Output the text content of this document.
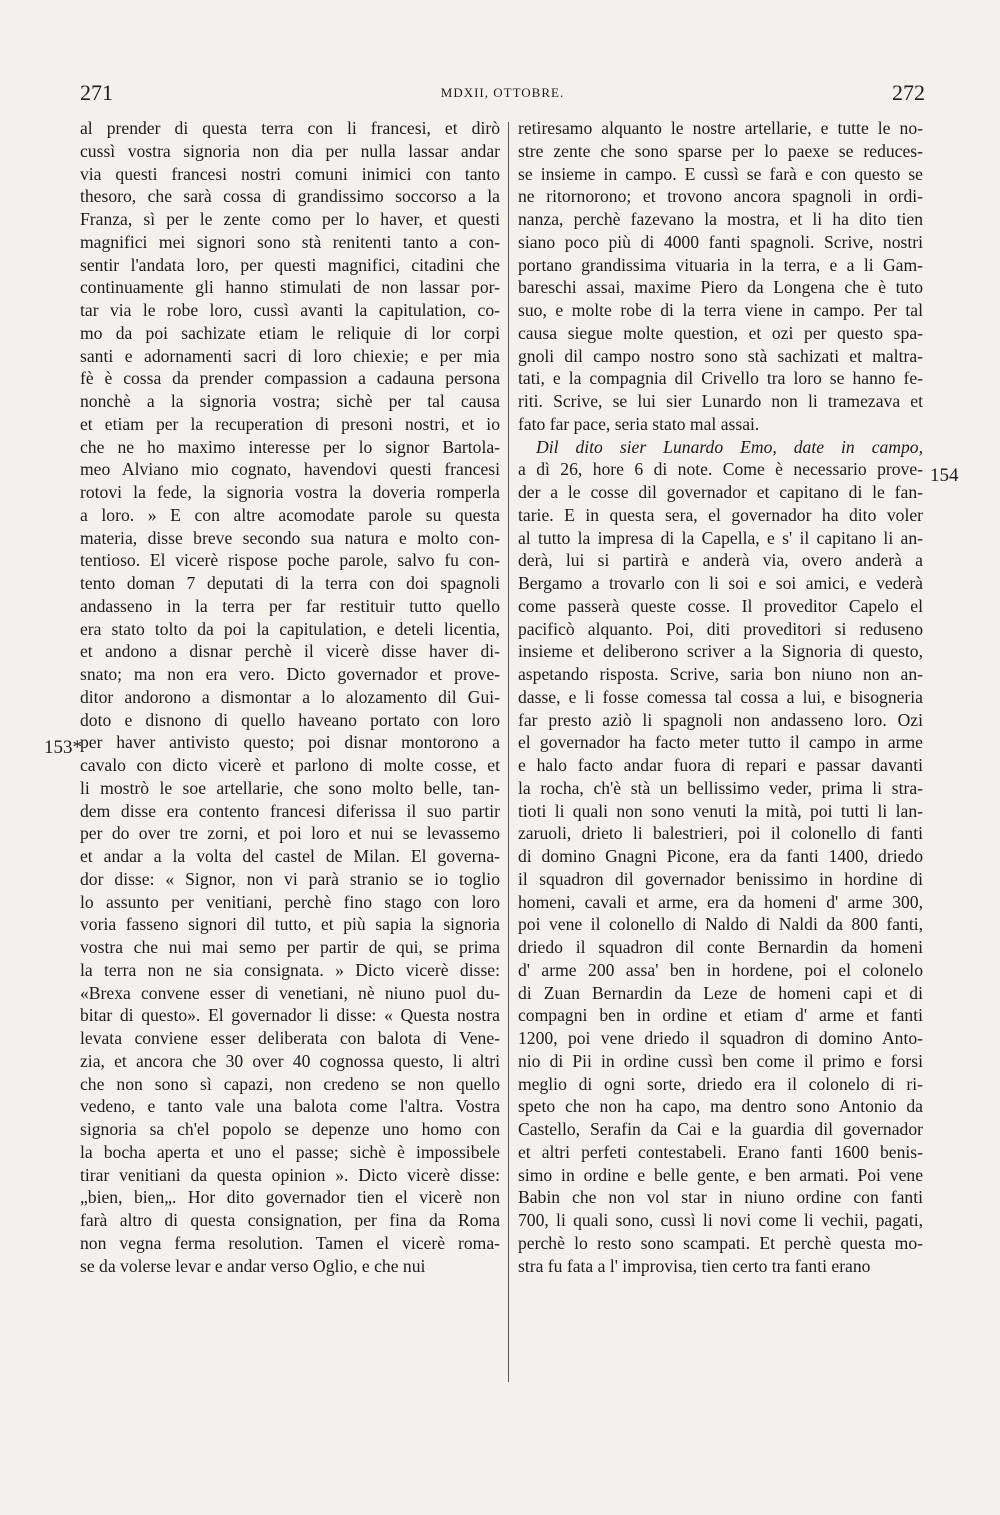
271	MDXII, OTTOBRE.	272
153*
154
al prender di questa terra con li francesi, et dirò
cussì vostra signoria non dia per nulla lassar andar
via questi francesi nostri comuni inimici con tanto
thesoro, che sarà cossa di grandissimo soccorso a la
Franza, sì per le zente como per lo haver, et questi
magnifici mei signori sono stà renitenti tanto a con-
sentir l'andata loro, per questi magnifici, citadini che
continuamente gli hanno stimulati de non lassar por-
tar via le robe loro, cussì avanti la capitulation, co-
mo da poi sachizate etiam le reliquie di lor corpi
santi e adornamenti sacri di loro chiexie; e per mia
fè è cossa da prender compassion a cadauna persona
nonchè a la signoria vostra; sichè per tal causa
et etiam per la recuperation di presoni nostri, et io
che ne ho maximo interesse per lo signor Bartola-
meo Alviano mio cognato, havendovi questi francesi
rotovi la fede, la signoria vostra la doveria romperla
a loro. » E con altre acomodate parole su questa
materia, disse breve secondo sua natura e molto con-
tentioso. El vicerè rispose poche parole, salvo fu con-
tento doman 7 deputati di la terra con doi spagnoli
andasseno in la terra per far restituir tutto quello
era stato tolto da poi la capitulation, e deteli licentia,
et andono a disnar perchè il vicerè disse haver di-
snato; ma non era vero. Dicto governador et prove-
ditor andorono a dismontar a lo alozamento dil Gui-
doto e disnono di quello haveano portato con loro
per haver antivisto questo; poi disnar montorono a
cavalo con dicto vicerè et parlono di molte cosse, et
li mostrò le soe artellarie, che sono molto belle, tan-
dem disse era contento francesi diferissa il suo partir
per do over tre zorni, et poi loro et nui se levassemo
et andar a la volta del castel de Milan. El governa-
dor disse: « Signor, non vi parà stranio se io toglio
lo assunto per venitiani, perchè fino stago con loro
voria fasseno signori dil tutto, et più sapia la signoria
vostra che nui mai semo per partir de qui, se prima
la terra non ne sia consignata. » Dicto vicerè disse:
«Brexa convene esser di venetiani, nè niuno puol du-
bitar di questo». El governador li disse: « Questa nostra
levata conviene esser deliberata con balota di Vene-
zia, et ancora che 30 over 40 cognossa questo, li altri
che non sono sì capazi, non credeno se non quello
vedeno, e tanto vale una balota come l'altra. Vostra
signoria sa ch'el popolo se depenze uno homo con
la bocha aperta et uno el passe; sichè è impossibele
tirar venitiani da questa opinion ». Dicto vicerè disse:
„bien, bien„. Hor dito governador tien el vicerè non
farà altro di questa consignation, per fina da Roma
non vegna ferma resolution. Tamen el vicerè roma-
se da volerse levar e andar verso Oglio, e che nui
retiresamo alquanto le nostre artellarie, e tutte le no-
stre zente che sono sparse per lo paexe se reduces-
se insieme in campo. E cussì se farà e con questo se
ne ritornorono; et trovono ancora spagnoli in ordi-
nanza, perchè fazevano la mostra, et li ha dito tien
siano poco più di 4000 fanti spagnoli. Scrive, nostri
portano grandissima vituaria in la terra, e a li Gam-
bareschi assai, maxime Piero da Longena che è tuto
suo, e molte robe di la terra viene in campo. Per tal
causa siegue molte question, et ozi per questo spa-
gnoli dil campo nostro sono stà sachizati et maltra-
tati, e la compagnia dil Crivello tra loro se hanno fe-
riti. Scrive, se lui sier Lunardo non li tramezava et
fato far pace, seria stato mal assai.
Dil dito sier Lunardo Emo, date in campo,
a dì 26, hore 6 di note. Come è necessario prove-
der a le cosse dil governador et capitano di le fan-
tarie. E in questa sera, el governador ha dito voler
al tutto la impresa di la Capella, e s' il capitano li an-
derà, lui si partirà e anderà via, overo anderà a
Bergamo a trovarlo con li soi e soi amici, e vederà
come passerà queste cosse. Il proveditor Capelo el
pacificò alquanto. Poi, diti proveditori si reduseno
insieme et deliberono scriver a la Signoria di questo,
aspetando risposta. Scrive, saria bon niuno non an-
dasse, e li fosse comessa tal cossa a lui, e bisogneria
far presto aziò li spagnoli non andasseno loro. Ozi
el governador ha facto meter tutto il campo in arme
e halo facto andar fuora di repari e passar davanti
la rocha, ch'è stà un bellissimo veder, prima li stra-
tioti li quali non sono venuti la mità, poi tutti li lan-
zaruoli, drieto li balestrieri, poi il colonello di fanti
di domino Gnagni Picone, era da fanti 1400, driedo
il squadron dil governador benissimo in hordine di
homeni, cavali et arme, era da homeni d' arme 300,
poi vene il colonello di Naldo di Naldi da 800 fanti,
driedo il squadron dil conte Bernardin da homeni
d' arme 200 assa' ben in hordene, poi el colonelo
di Zuan Bernardin da Leze de homeni capi et di
compagni ben in ordine et etiam d' arme et fanti
1200, poi vene driedo il squadron di domino Anto-
nio di Pii in ordine cussì ben come il primo e forsi
meglio di ogni sorte, driedo era il colonelo di ri-
speto che non ha capo, ma dentro sono Antonio da
Castello, Serafin da Cai e la guardia dil governador
et altri perfeti contestabeli. Erano fanti 1600 benis-
simo in ordine e belle gente, e ben armati. Poi vene
Babin che non vol star in niuno ordine con fanti
700, li quali sono, cussì li novi come li vechii, pagati,
perchè lo resto sono scampati. Et perchè questa mo-
stra fu fata a l' improvisa, tien certo tra fanti erano
